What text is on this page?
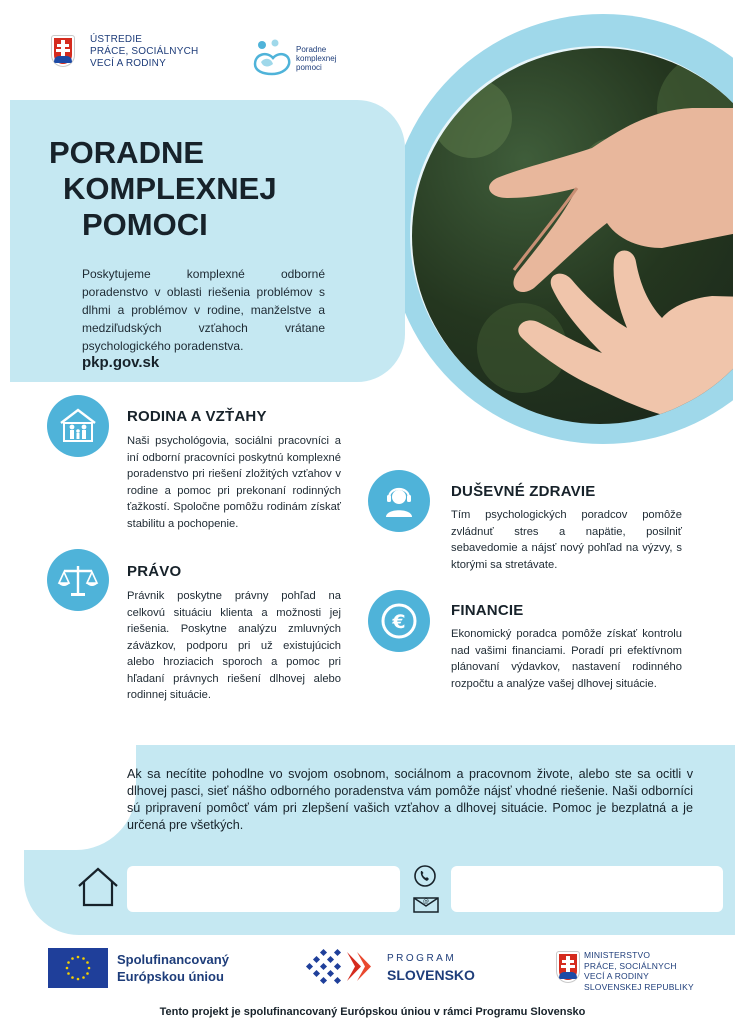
ÚSTREDIE
PRÁCE, SOCIÁLNYCH
VECÍ A RODINY
Poradne
komplexnej
pomoci
PORADNE
KOMPLEXNEJ
POMOCI
Poskytujeme komplexné odborné poradenstvo v oblasti riešenia problémov s dlhmi a problémov v rodine, manželstve a medziľudských vzťahoch vrátane psychologického poradenstva.
pkp.gov.sk
RODINA A VZŤAHY
Naši psychológovia, sociálni pracovníci a iní odborní pracovníci poskytnú komplexné poradenstvo pri riešení zložitých vzťahov v rodine a pomoc pri prekonaní rodinných ťažkostí. Spoločne pomôžu rodinám získať stabilitu a pochopenie.
PRÁVO
Právnik poskytne právny pohľad na celkovú situáciu klienta a možnosti jej riešenia. Poskytne analýzu zmluvných záväzkov, podporu pri už existujúcich alebo hroziacich sporoch a pomoc pri hľadaní právnych riešení dlhovej alebo rodinnej situácie.
DUŠEVNÉ ZDRAVIE
Tím psychologických poradcov pomôže zvládnuť stres a napätie, posilniť sebavedomie a nájsť nový pohľad na výzvy, s ktorými sa stretávate.
€
FINANCIE
Ekonomický poradca pomôže získať kontrolu nad vašimi financiami. Poradí pri efektívnom plánovaní výdavkov, nastavení rodinného rozpočtu a analýze vašej dlhovej situácie.
Ak sa necítite pohodlne vo svojom osobnom, sociálnom a pracovnom živote, alebo ste sa ocitli v dlhovej pasci, sieť nášho odborného poradenstva vám pomôže nájsť vhodné riešenie. Naši odborníci sú pripravení pomôcť vám pri zlepšení vašich vzťahov a dlhovej situácie. Pomoc je bezplatná a je určená pre všetkých.
@
Spolufinancovaný
Európskou úniou
PROGRAM
SLOVENSKO
MINISTERSTVO
PRÁCE, SOCIÁLNYCH
VECÍ A RODINY
SLOVENSKEJ REPUBLIKY
Tento projekt je spolufinancovaný Európskou úniou v rámci Programu Slovensko
